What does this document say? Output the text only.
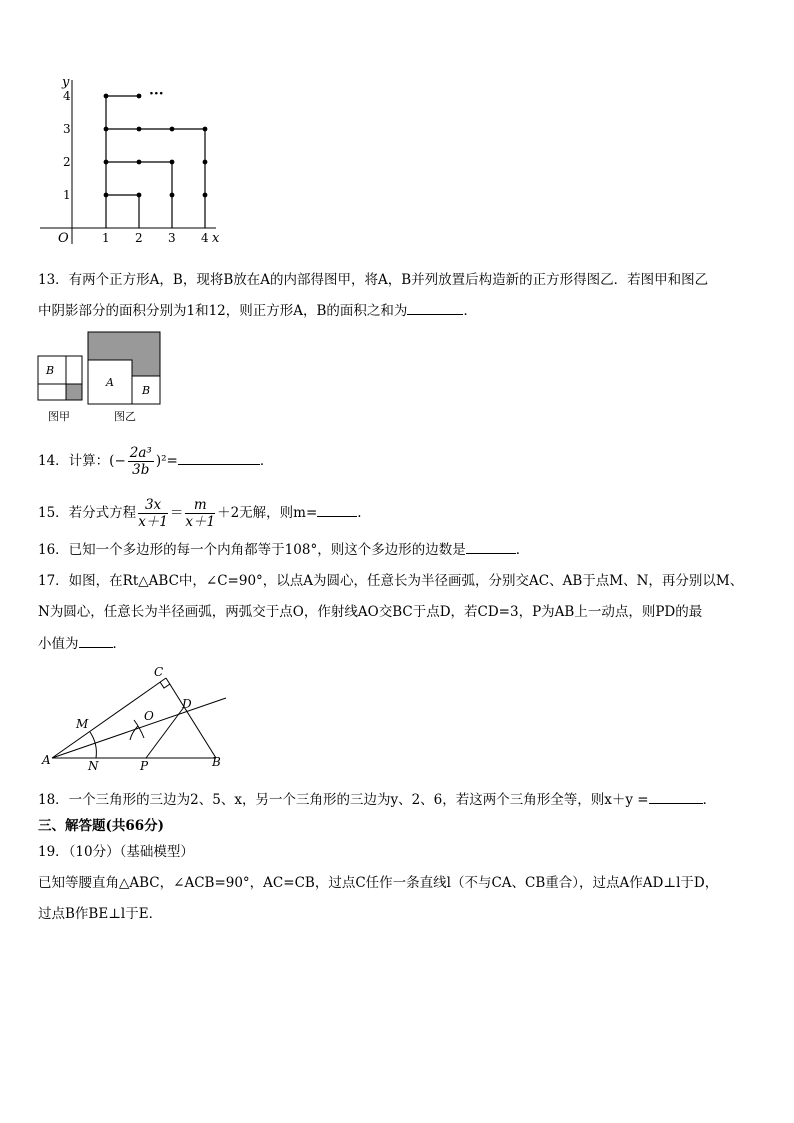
y
x
O	1 2 3 4
1
2
3
4	···
13．有两个正方形A，B，现将B放在A的内部得图甲，将A，B并列放置后构造新的正方形得图乙．若图甲和图乙
中阴影部分的面积分别为1和12，则正方形A，B的面积之和为	．
B
图甲
A
B
图乙
14．计算：(− $\frac{\text{2a³}}{3b} )^2=$	．
15．若分式方程 $\frac{3x}{x+1} = \frac{m}{x+1} +2$无解，则m=	.
16．已知一个多边形的每一个内角都等于108°，则这个多边形的边数是	．
17．如图，在Rt△ABC中，∠C=90°，以点A为圆心，任意长为半径画弧，分别交AC、AB于点M、N，再分别以M、
N为圆心，任意长为半径画弧，两弧交于点O，作射线AO交BC于点D，若CD=3，P为AB上一动点，则PD的最
小值为	．
C
D
O
M
A	N	P	B
18．一个三角形的三边为2、5、x，另一个三角形的三边为y、2、6，若这两个三角形全等，则x＋y =	．
三、解答题(共66分)
19．（10分）（基础模型）
已知等腰直角△ABC，∠ACB=90°，AC=CB，过点C任作一条直线l（不与CA、CB重合），过点A作AD⊥l于D，
过点B作BE⊥l于E．
